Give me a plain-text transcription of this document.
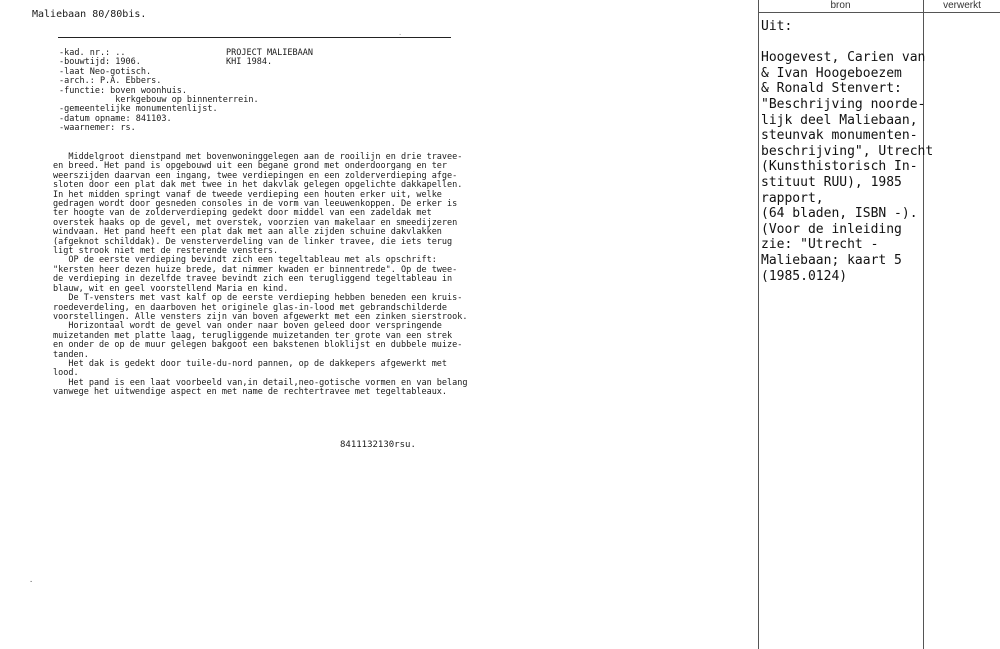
Maliebaan 80/80bis.
·
-kad. nr.: ..
-bouwtijd: 1906.
-laat Neo-gotisch.
-arch.: P.A. Ebbers.
-functie: boven woonhuis.
kerkgebouw op binnenterrein.
-gemeentelijke monumentenlijst.
-datum opname: 841103.
-waarnemer: rs.
PROJECT MALIEBAAN
KHI 1984.
Middelgroot dienstpand met bovenwoninggelegen aan de rooilijn en drie travee-
en breed. Het pand is opgebouwd uit een begane grond met onderdoorgang en ter
weerszijden daarvan een ingang, twee verdiepingen en een zolderverdieping afge-
sloten door een plat dak met twee in het dakvlak gelegen opgelichte dakkapellen.
In het midden springt vanaf de tweede verdieping een houten erker uit, welke
gedragen wordt door gesneden consoles in de vorm van leeuwenkoppen. De erker is
ter hoogte van de zolderverdieping gedekt door middel van een zadeldak met
overstek haaks op de gevel, met overstek, voorzien van makelaar en smeedijzeren
windvaan. Het pand heeft een plat dak met aan alle zijden schuine dakvlakken
(afgeknot schilddak). De vensterverdeling van de linker travee, die iets terug
ligt strook niet met de resterende vensters.
OP de eerste verdieping bevindt zich een tegeltableau met als opschrift:
"kersten heer dezen huize brede, dat nimmer kwaden er binnentrede". Op de twee-
de verdieping in dezelfde travee bevindt zich een terugliggend tegeltableau in
blauw, wit en geel voorstellend Maria en kind.
De T-vensters met vast kalf op de eerste verdieping hebben beneden een kruis-
roedeverdeling, en daarboven het originele glas-in-lood met gebrandschilderde
voorstellingen. Alle vensters zijn van boven afgewerkt met een zinken sierstrook.
Horizontaal wordt de gevel van onder naar boven geleed door verspringende
muizetanden met platte laag, terugliggende muizetanden ter grote van een strek
en onder de op de muur gelegen bakgoot een bakstenen bloklijst en dubbele muize-
tanden.
Het dak is gedekt door tuile-du-nord pannen, op de dakkepers afgewerkt met
lood.
Het pand is een laat voorbeeld van,in detail,neo-gotische vormen en van belang
vanwege het uitwendige aspect en met name de rechtertravee met tegeltableaux.
8411132130rsu.
·
bron	verwerkt
Uit:

Hoogevest, Carien van
& Ivan Hoogeboezem
& Ronald Stenvert:
"Beschrijving noorde-
lijk deel Maliebaan,
steunvak monumenten-
beschrijving", Utrecht
(Kunsthistorisch In-
stituut RUU), 1985
rapport,
(64 bladen, ISBN -).
(Voor de inleiding
zie: "Utrecht -
Maliebaan; kaart 5
(1985.0124)
